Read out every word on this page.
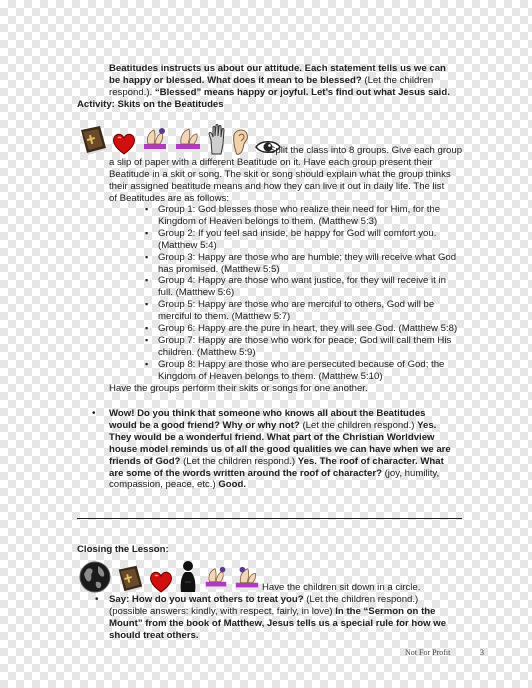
Beatitudes instructs us about our attitude. Each statement tells us we can
be happy or blessed. What does it mean to be blessed? (Let the children
respond.). “Blessed” means happy or joyful. Let’s find out what Jesus said.
Activity: Skits on the Beatitudes
Split the class into 8 groups. Give each group
a slip of paper with a different Beatitude on it. Have each group present their
Beatitude in a skit or song. The skit or song should explain what the group thinks
their assigned beatitude means and how they can live it out in daily life. The list
of Beatitudes are as follows:
▪ Group 1: God blesses those who realize their need for Him, for the
Kingdom of Heaven belongs to them. (Matthew 5:3)
▪ Group 2: If you feel sad inside, be happy for God will comfort you.
(Matthew 5:4)
▪ Group 3: Happy are those who are humble; they will receive what God
has promised. (Matthew 5:5)
▪ Group 4: Happy are those who want justice, for they will receive it in
full. (Matthew 5:6)
▪ Group 5: Happy are those who are merciful to others, God will be
merciful to them. (Matthew 5:7)
▪ Group 6: Happy are the pure in heart, they will see God. (Matthew 5:8)
▪ Group 7: Happy are those who work for peace; God will call them His
children. (Matthew 5:9)
▪ Group 8: Happy are those who are persecuted because of God; the
Kingdom of Heaven belongs to them. (Matthew 5:10)
Have the groups perform their skits or songs for one another.
• Wow! Do you think that someone who knows all about the Beatitudes
would be a good friend? Why or why not? (Let the children respond.) Yes.
They would be a wonderful friend. What part of the Christian Worldview
house model reminds us of all the good qualities we can have when we are
friends of God? (Let the children respond.) Yes. The roof of character. What
are some of the words written around the roof of character? (joy, humility,
compassion, peace, etc.) Good.
Closing the Lesson:
Have the children sit down in a circle.
• Say: How do you want others to treat you? (Let the children respond.)
(possible answers: kindly, with respect, fairly, in love) In the “Sermon on the
Mount” from the book of Matthew, Jesus tells us a special rule for how we
should treat others.
Not For Profit	3
